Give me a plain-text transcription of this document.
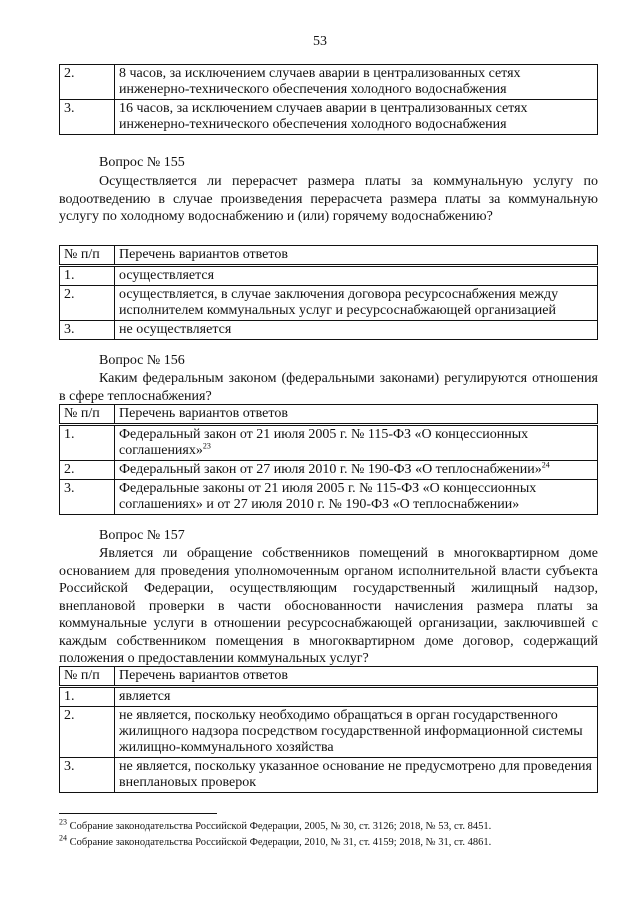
53
2.	8 часов, за исключением случаев аварии в централизованных сетях инженерно-технического обеспечения холодного водоснабжения
3.	16 часов, за исключением случаев аварии в централизованных сетях инженерно-технического обеспечения холодного водоснабжения
Вопрос № 155

Осуществляется ли перерасчет размера платы за коммунальную услугу по водоотведению в случае произведения перерасчета размера платы за коммунальную услугу по холодному водоснабжению и (или) горячему водоснабжению?

№ п/п	Перечень вариантов ответов
1.	осуществляется
2.	осуществляется, в случае заключения договора ресурсоснабжения между исполнителем коммунальных услуг и ресурсоснабжающей организацией
3.	не осуществляется
Вопрос № 156

Каким федеральным законом (федеральными законами) регулируются отношения в сфере теплоснабжения?

№ п/п	Перечень вариантов ответов
1.	Федеральный закон от 21 июля 2005 г. № 115-ФЗ «О концессионных соглашениях»$^{23}$
2.	Федеральный закон от 27 июля 2010 г. № 190-ФЗ «О теплоснабжении»$^{24}$
3.	Федеральные законы от 21 июля 2005 г. № 115-ФЗ «О концессионных соглашениях» и от 27 июля 2010 г. № 190-ФЗ «О теплоснабжении»
Вопрос № 157

Является ли обращение собственников помещений в многоквартирном доме основанием для проведения уполномоченным органом исполнительной власти субъекта Российской Федерации, осуществляющим государственный жилищный надзор, внеплановой проверки в части обоснованности начисления размера платы за коммунальные услуги в отношении ресурсоснабжающей организации, заключившей с каждым собственником помещения в многоквартирном доме договор, содержащий положения о предоставлении коммунальных услуг?

№ п/п	Перечень вариантов ответов
1.	является
2.	не является, поскольку необходимо обращаться в орган государственного жилищного надзора посредством государственной информационной системы жилищно-коммунального хозяйства
3.	не является, поскольку указанное основание не предусмотрено для проведения внеплановых проверок
$^{23}$ Собрание законодательства Российской Федерации, 2005, № 30, ст. 3126; 2018, № 53, ст. 8451.
$^{24}$ Собрание законодательства Российской Федерации, 2010, № 31, ст. 4159; 2018, № 31, ст. 4861.
